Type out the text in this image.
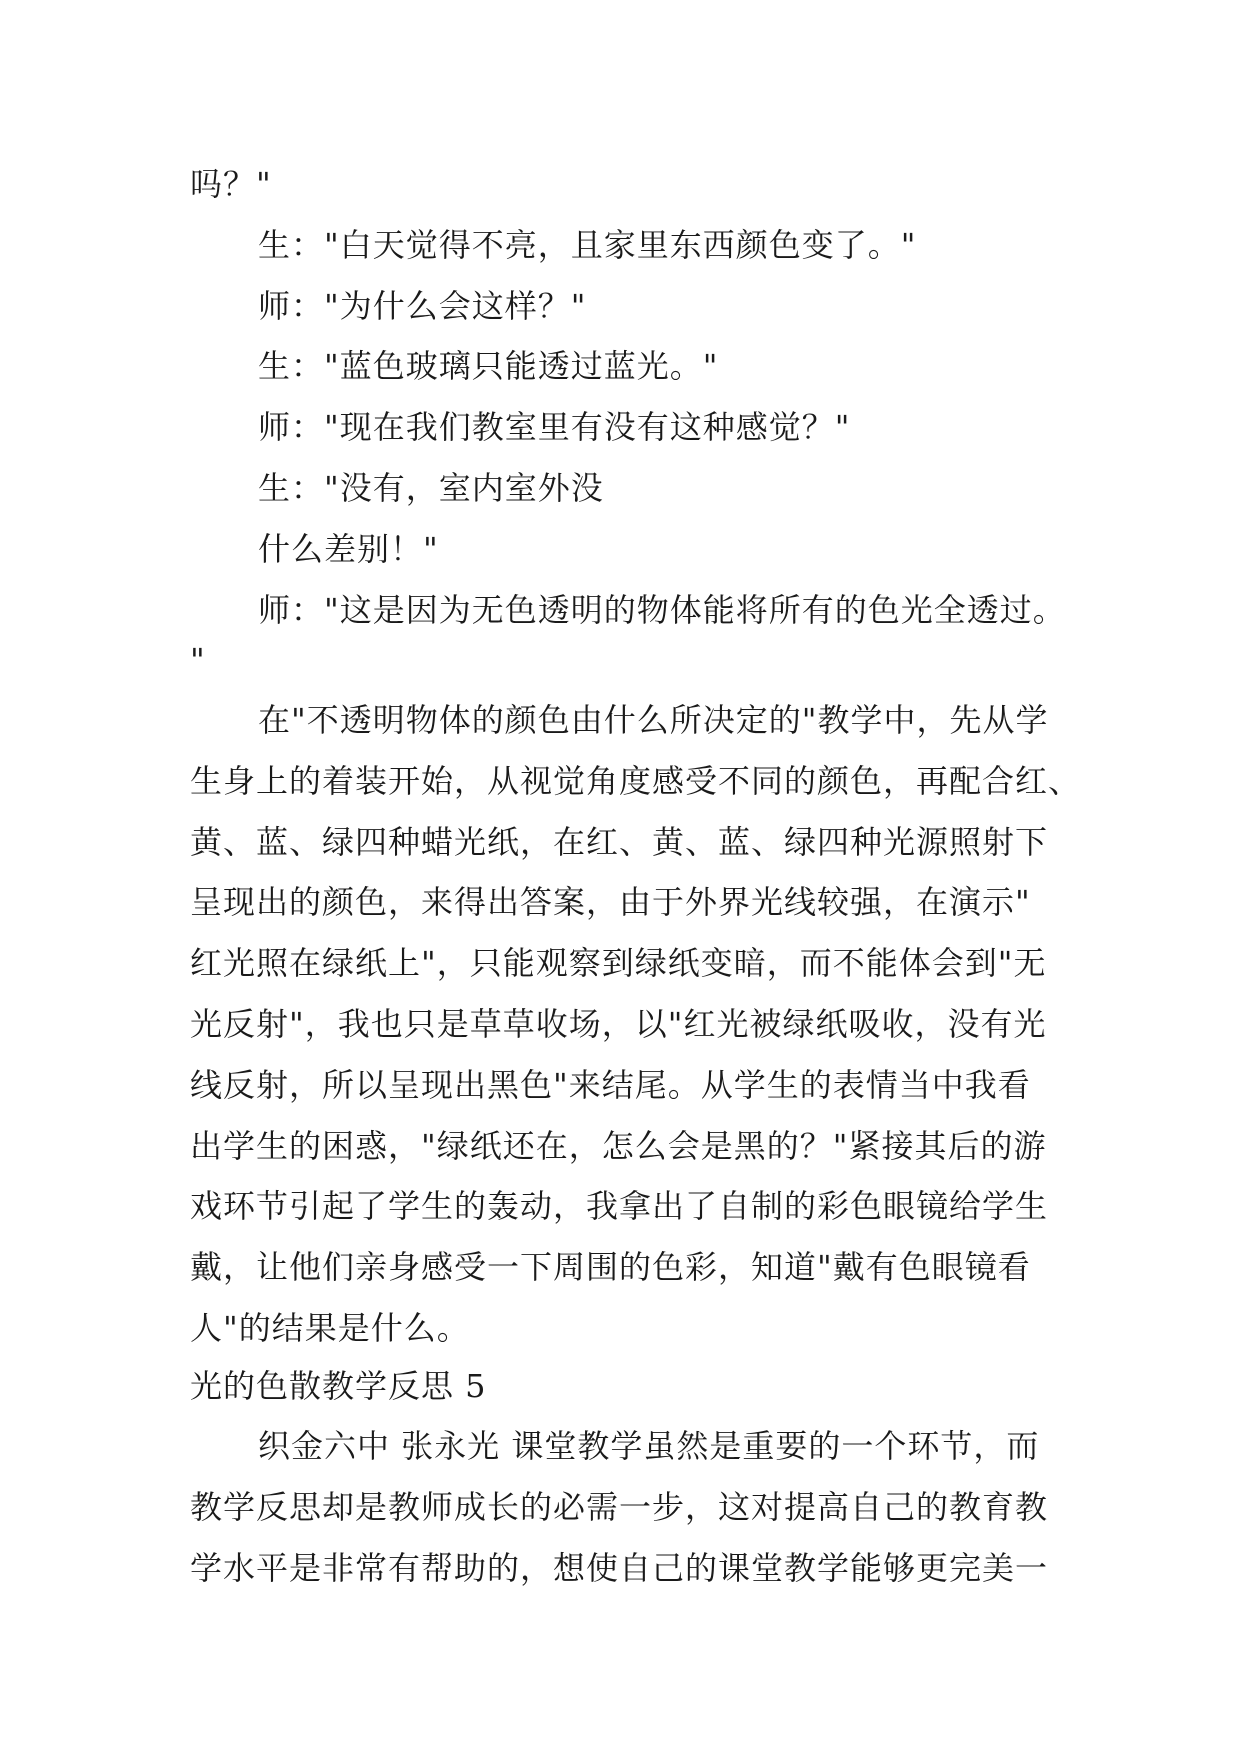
吗？"
生："白天觉得不亮，且家里东西颜色变了。"
师："为什么会这样？"
生："蓝色玻璃只能透过蓝光。"
师："现在我们教室里有没有这种感觉？"
生："没有，室内室外没
什么差别！"
师："这是因为无色透明的物体能将所有的色光全透过。
"
在"不透明物体的颜色由什么所决定的"教学中，先从学
生身上的着装开始，从视觉角度感受不同的颜色，再配合红、
黄、蓝、绿四种蜡光纸，在红、黄、蓝、绿四种光源照射下
呈现出的颜色，来得出答案，由于外界光线较强，在演示"
红光照在绿纸上"，只能观察到绿纸变暗，而不能体会到"无
光反射"，我也只是草草收场，以"红光被绿纸吸收，没有光
线反射，所以呈现出黑色"来结尾。从学生的表情当中我看
出学生的困惑，"绿纸还在，怎么会是黑的？"紧接其后的游
戏环节引起了学生的轰动，我拿出了自制的彩色眼镜给学生
戴，让他们亲身感受一下周围的色彩，知道"戴有色眼镜看
人"的结果是什么。
光的色散教学反思 5
织金六中 张永光 课堂教学虽然是重要的一个环节，而
教学反思却是教师成长的必需一步，这对提高自己的教育教
学水平是非常有帮助的，想使自己的课堂教学能够更完美一
